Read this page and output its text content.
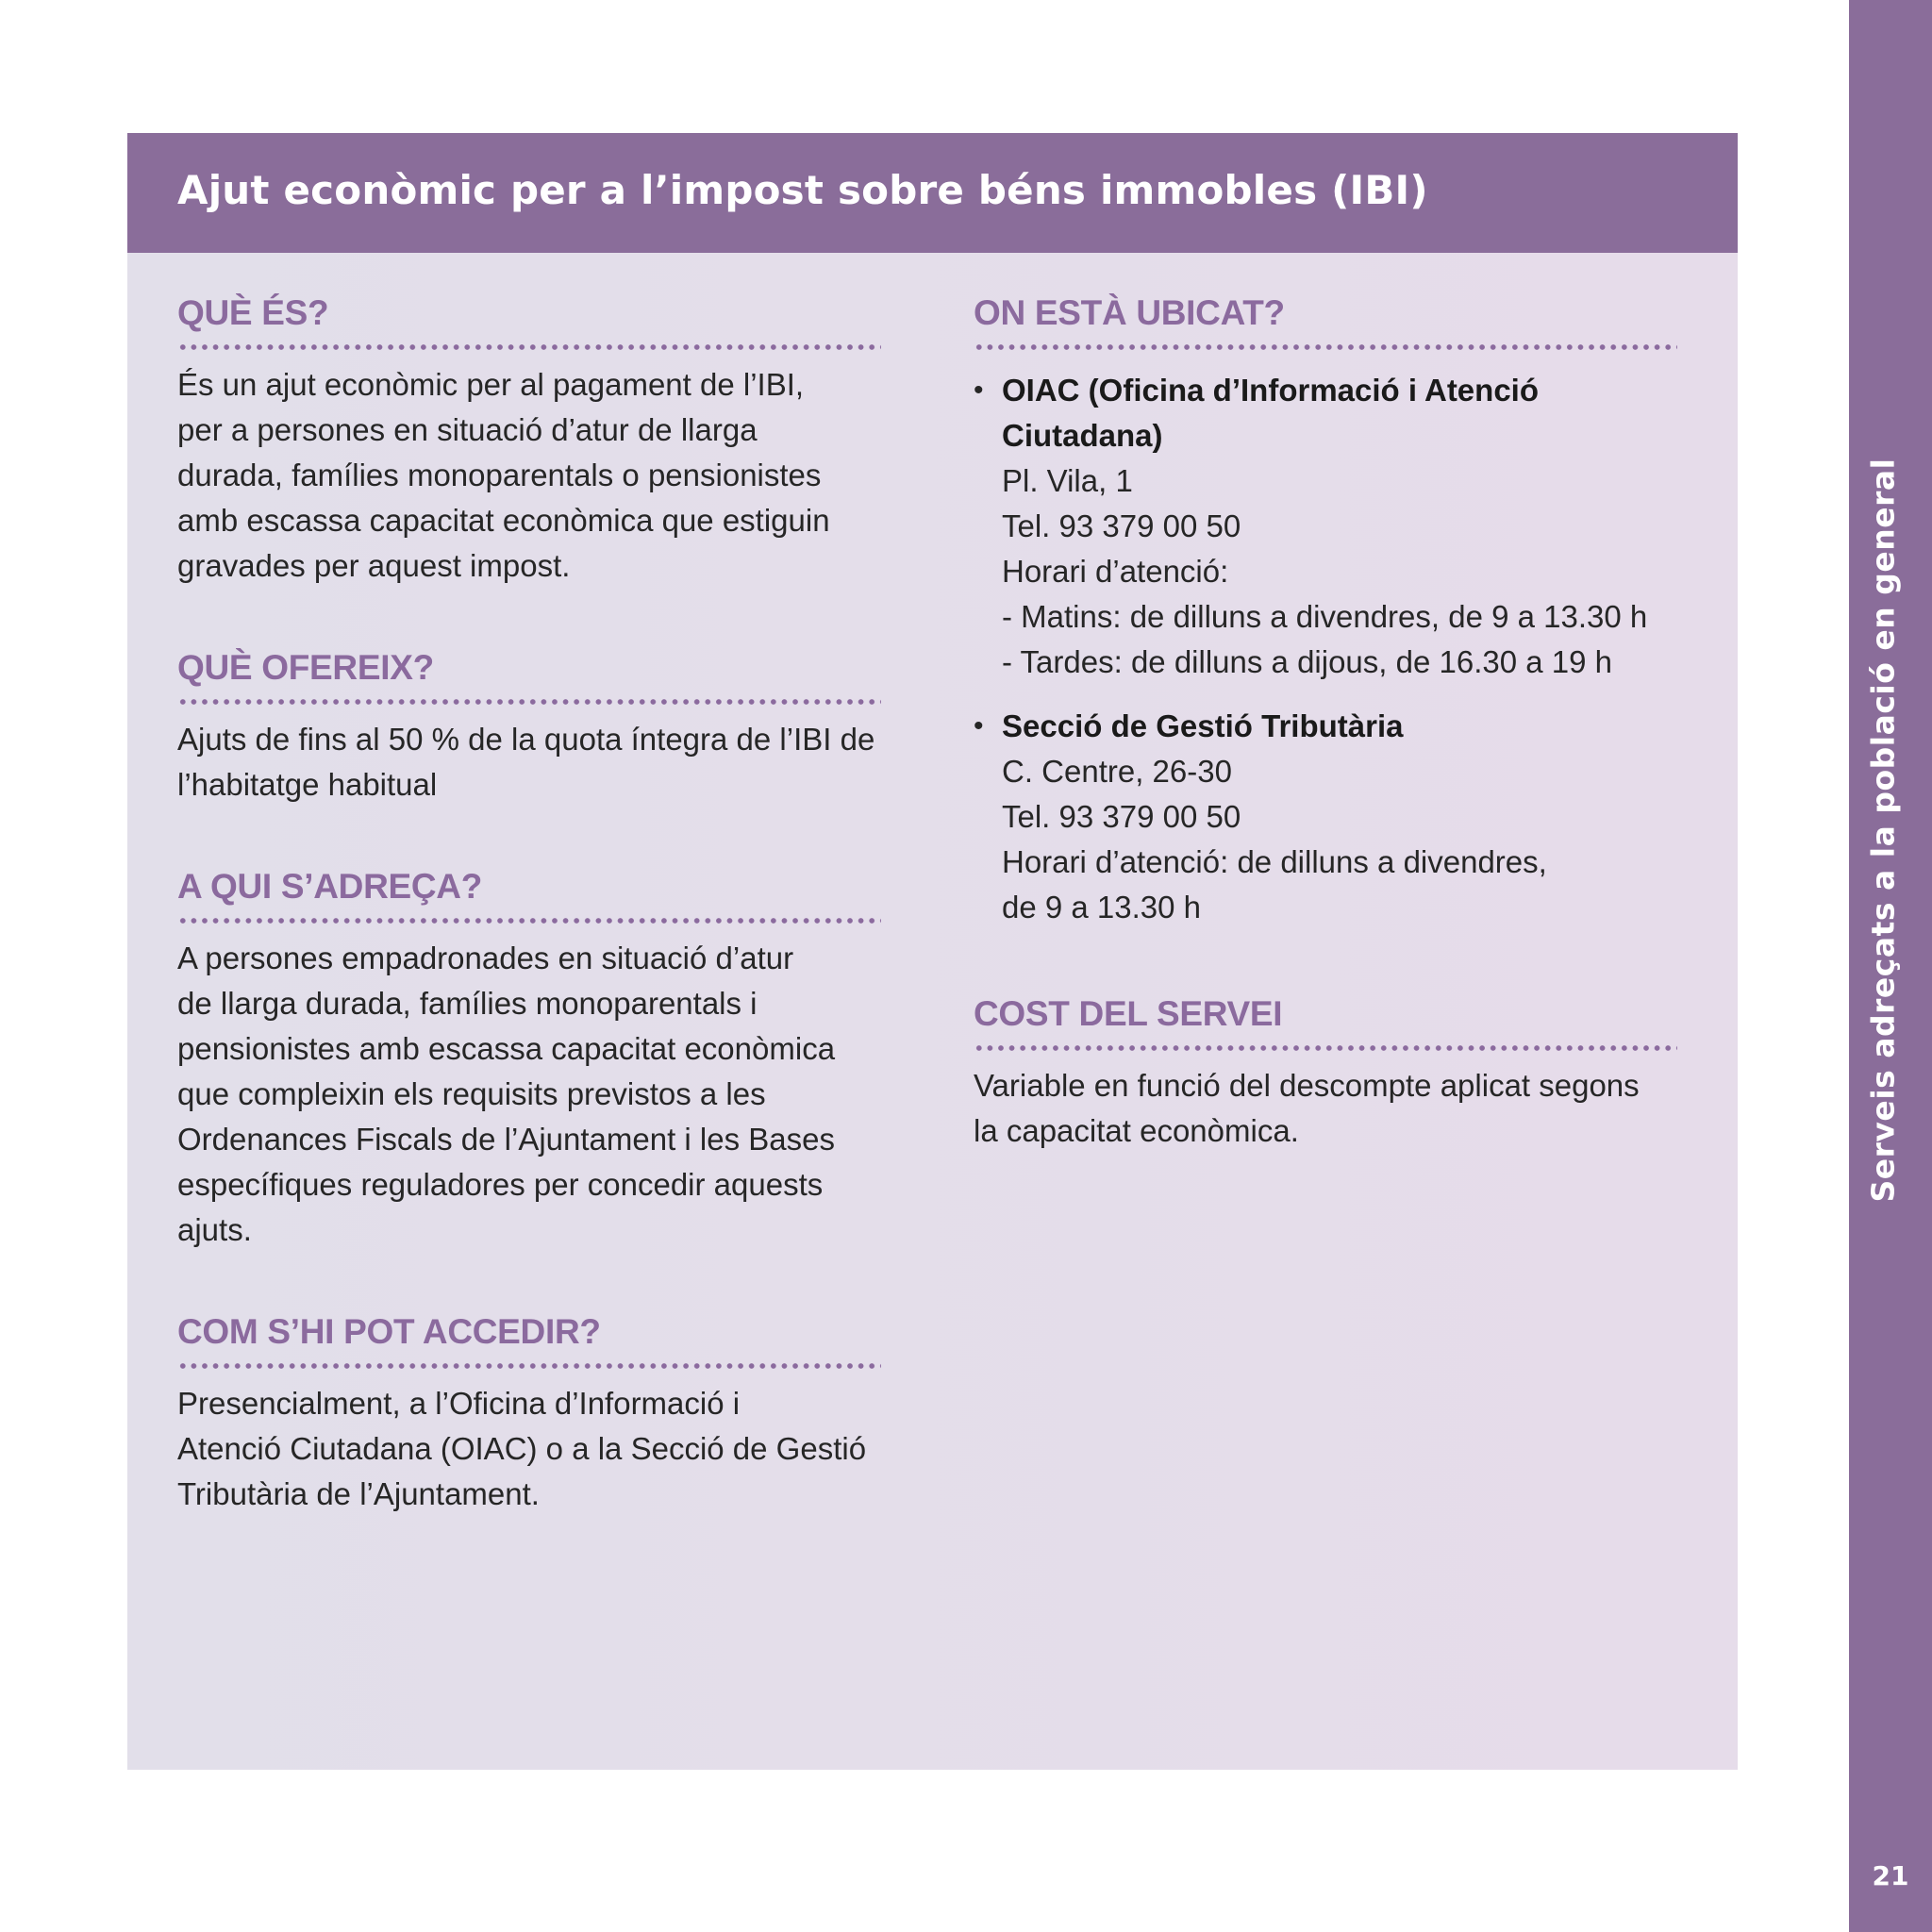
Serveis adreçats a la població en general
21
Ajut econòmic per a l’impost sobre béns immobles (IBI)
QUÈ ÉS?

És un ajut econòmic per al pagament de l’IBI,

per a persones en situació d’atur de llarga

durada, famílies monoparentals o pensionistes

amb escassa capacitat econòmica que estiguin

gravades per aquest impost.

QUÈ OFEREIX?

Ajuts de fins al 50 % de la quota íntegra de l’IBI de

l’habitatge habitual

A QUI S’ADREÇA?

A persones empadronades en situació d’atur

de llarga durada, famílies monoparentals i

pensionistes amb escassa capacitat econòmica

que compleixin els requisits previstos a les

Ordenances Fiscals de l’Ajuntament i les Bases

específiques reguladores per concedir aquests

ajuts.

COM S’HI POT ACCEDIR?

Presencialment, a l’Oficina d’Informació i

Atenció Ciutadana (OIAC) o a la Secció de Gestió

Tributària de l’Ajuntament.

ON ESTÀ UBICAT?
• OIAC (Oficina d’Informació i Atenció

Ciutadana)

Pl. Vila, 1

Tel. 93 379 00 50

Horari d’atenció:

- Matins: de dilluns a divendres, de 9 a 13.30 h

- Tardes: de dilluns a dijous, de 16.30 a 19 h

• Secció de Gestió Tributària

C. Centre, 26-30

Tel. 93 379 00 50

Horari d’atenció: de dilluns a divendres,

de 9 a 13.30 h

COST DEL SERVEI

Variable en funció del descompte aplicat segons

la capacitat econòmica.
